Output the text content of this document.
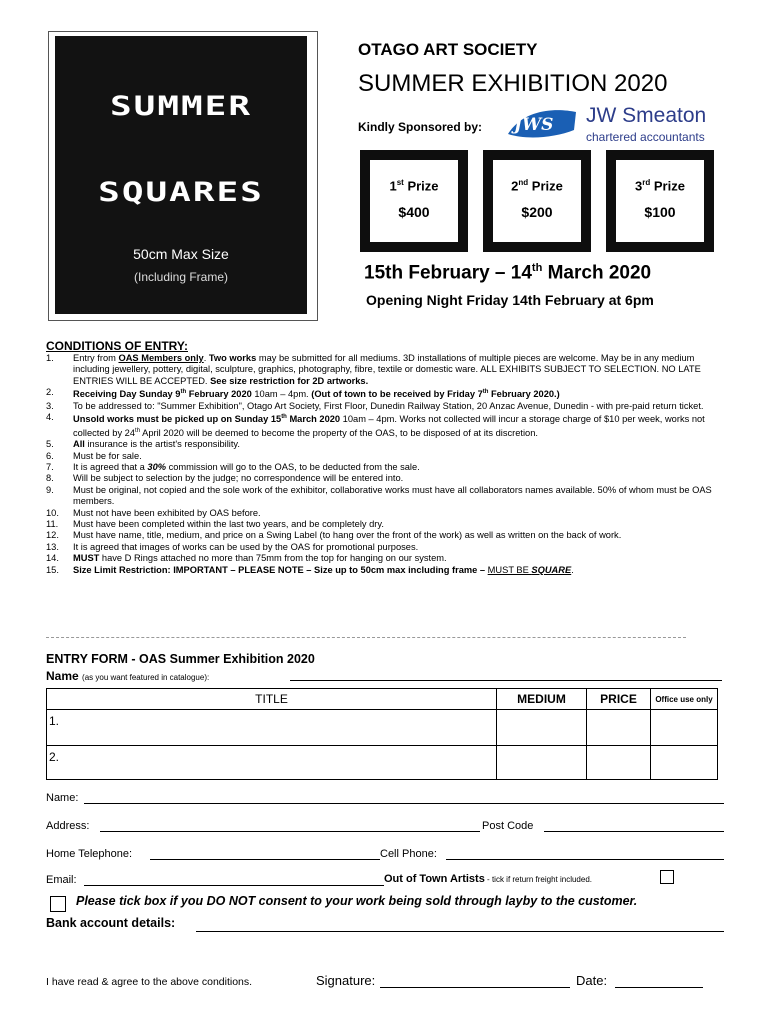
SUMMER
SQUARES
50cm Max Size
(Including Frame)
OTAGO ART SOCIETY
SUMMER EXHIBITION 2020
Kindly Sponsored by: JWS JW Smeaton
chartered accountants
1st Prize
$400
2nd Prize
$200
3rd Prize
$100
15th February – 14th March 2020
Opening Night Friday 14th February at 6pm
CONDITIONS OF ENTRY:
1.	Entry from OAS Members only. Two works may be submitted for all mediums. 3D installations of multiple pieces are welcome. May be in any medium including jewellery, pottery, digital, sculpture, graphics, photography, fibre, textile or domestic ware. ALL EXHIBITS SUBJECT TO SELECTION. NO LATE ENTRIES WILL BE ACCEPTED. See size restriction for 2D artworks.
2.	Receiving Day Sunday 9th February 2020 10am – 4pm. (Out of town to be received by Friday 7th February 2020.)
3.	To be addressed to: "Summer Exhibition", Otago Art Society, First Floor, Dunedin Railway Station, 20 Anzac Avenue, Dunedin - with pre-paid return ticket.
4.	Unsold works must be picked up on Sunday 15th March 2020 10am – 4pm. Works not collected will incur a storage charge of $10 per week, works not collected by 24th April 2020 will be deemed to become the property of the OAS, to be disposed of at its discretion.
5.	All insurance is the artist's responsibility.
6.	Must be for sale.
7.	It is agreed that a 30% commission will go to the OAS, to be deducted from the sale.
8.	Will be subject to selection by the judge; no correspondence will be entered into.
9.	Must be original, not copied and the sole work of the exhibitor, collaborative works must have all collaborators names available. 50% of whom must be OAS members.
10.	Must not have been exhibited by OAS before.
11.	Must have been completed within the last two years, and be completely dry.
12.	Must have name, title, medium, and price on a Swing Label (to hang over the front of the work) as well as written on the back of work.
13.	It is agreed that images of works can be used by the OAS for promotional purposes.
14.	MUST have D Rings attached no more than 75mm from the top for hanging on our system.
15.	Size Limit Restriction: IMPORTANT – PLEASE NOTE – Size up to 50cm max including frame – MUST BE SQUARE.
ENTRY FORM - OAS Summer Exhibition 2020
Name (as you want featured in catalogue):
TITLE	MEDIUM	PRICE	Office use only
1.			
2.			
Name:
Address:	Post Code
Home Telephone:	Cell Phone:
Email:	Out of Town Artists - tick if return freight included.
Please tick box if you DO NOT consent to your work being sold through layby to the customer.
Bank account details:
I have read & agree to the above conditions.	Signature:	Date:
